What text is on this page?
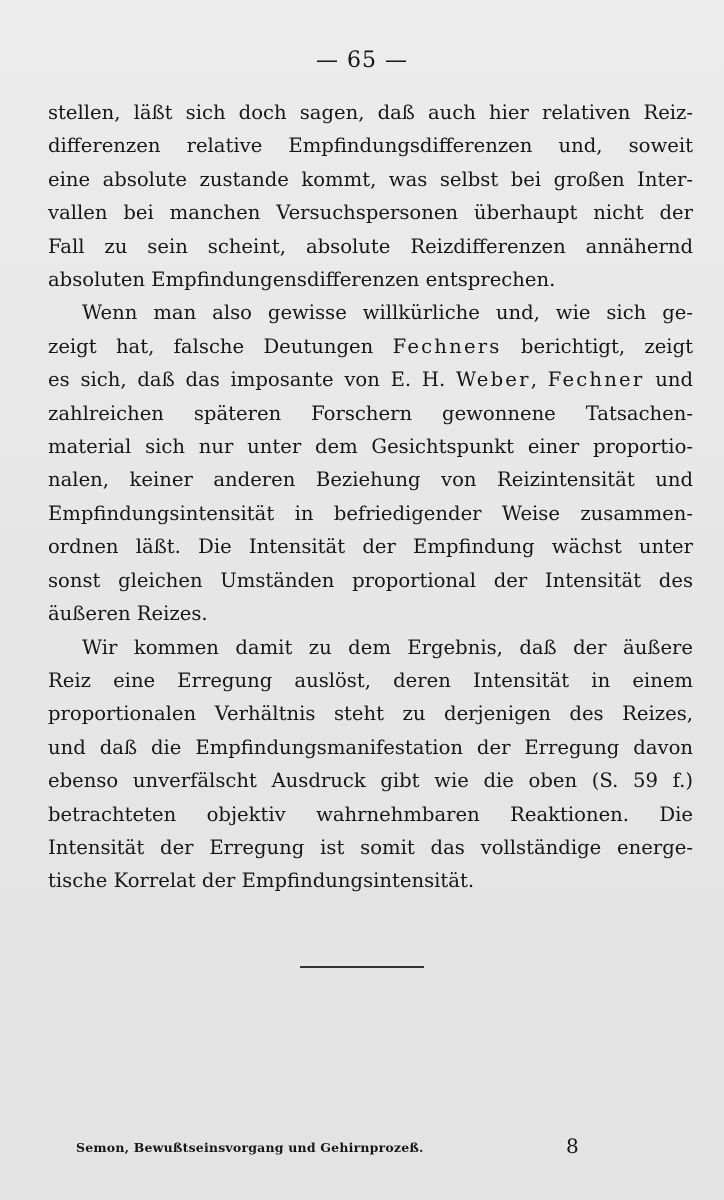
— 65 —

stellen, läßt sich doch sagen, daß auch hier relativen Reiz-
differenzen relative Empfindungsdifferenzen und, soweit
eine absolute zustande kommt, was selbst bei großen Inter-
vallen bei manchen Versuchspersonen überhaupt nicht der
Fall zu sein scheint, absolute Reizdifferenzen annähernd
absoluten Empfindungensdifferenzen entsprechen.

Wenn man also gewisse willkürliche und, wie sich ge-
zeigt hat, falsche Deutungen Fechners berichtigt, zeigt
es sich, daß das imposante von E. H. Weber, Fechner und
zahlreichen späteren Forschern gewonnene Tatsachen-
material sich nur unter dem Gesichtspunkt einer proportio-
nalen, keiner anderen Beziehung von Reizintensität und
Empfindungsintensität in befriedigender Weise zusammen-
ordnen läßt. Die Intensität der Empfindung wächst unter
sonst gleichen Umständen proportional der Intensität des
äußeren Reizes.

Wir kommen damit zu dem Ergebnis, daß der äußere
Reiz eine Erregung auslöst, deren Intensität in einem
proportionalen Verhältnis steht zu derjenigen des Reizes,
und daß die Empfindungsmanifestation der Erregung davon
ebenso unverfälscht Ausdruck gibt wie die oben (S. 59 f.)
betrachteten objektiv wahrnehmbaren Reaktionen. Die
Intensität der Erregung ist somit das vollständige energe-
tische Korrelat der Empfindungsintensität.

Semon, Bewußtseinsvorgang und Gehirnprozeß.	8
